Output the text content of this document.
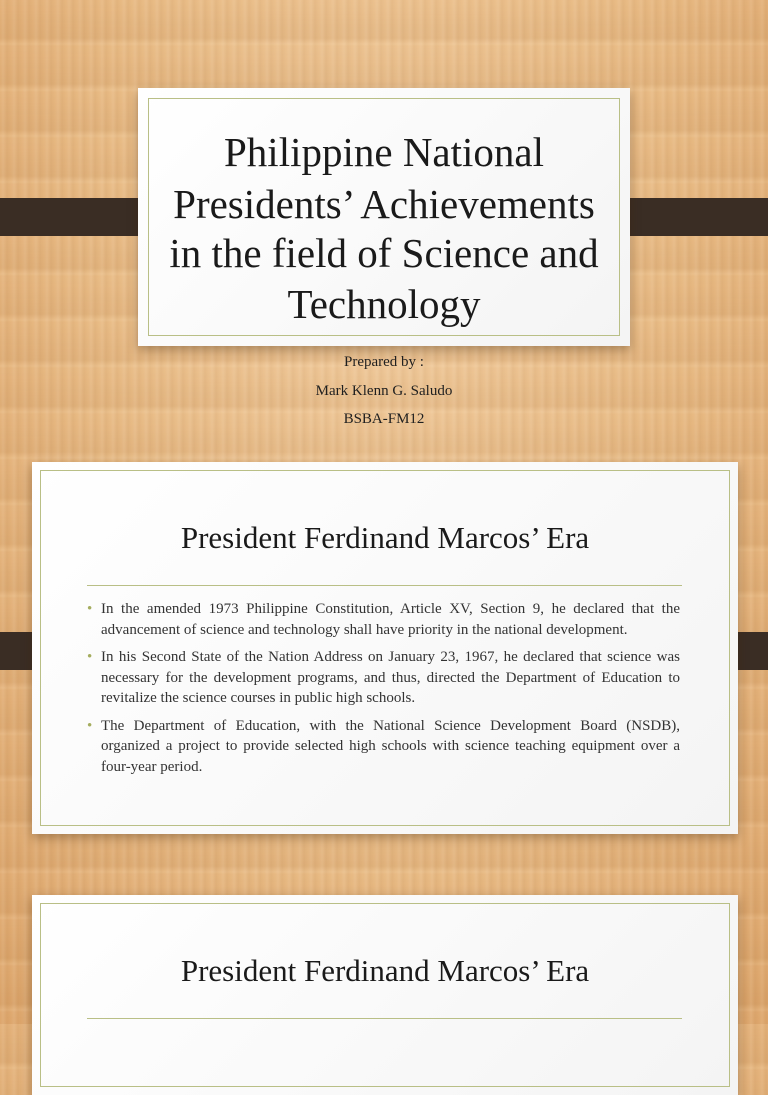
Philippine National
Presidents’ Achievements
in the field of Science and
Technology
Prepared by :
Mark Klenn G. Saludo
BSBA-FM12
President Ferdinand Marcos’ Era
• In the amended 1973 Philippine Constitution, Article XV, Section 9, he declared that the advancement of science and technology shall have priority in the national development.
• In his Second State of the Nation Address on January 23, 1967, he declared that science was necessary for the development programs, and thus, directed the Department of Education to revitalize the science courses in public high schools.
• The Department of Education, with the National Science Development Board (NSDB), organized a project to provide selected high schools with science teaching equipment over a four-year period.
President Ferdinand Marcos’ Era
